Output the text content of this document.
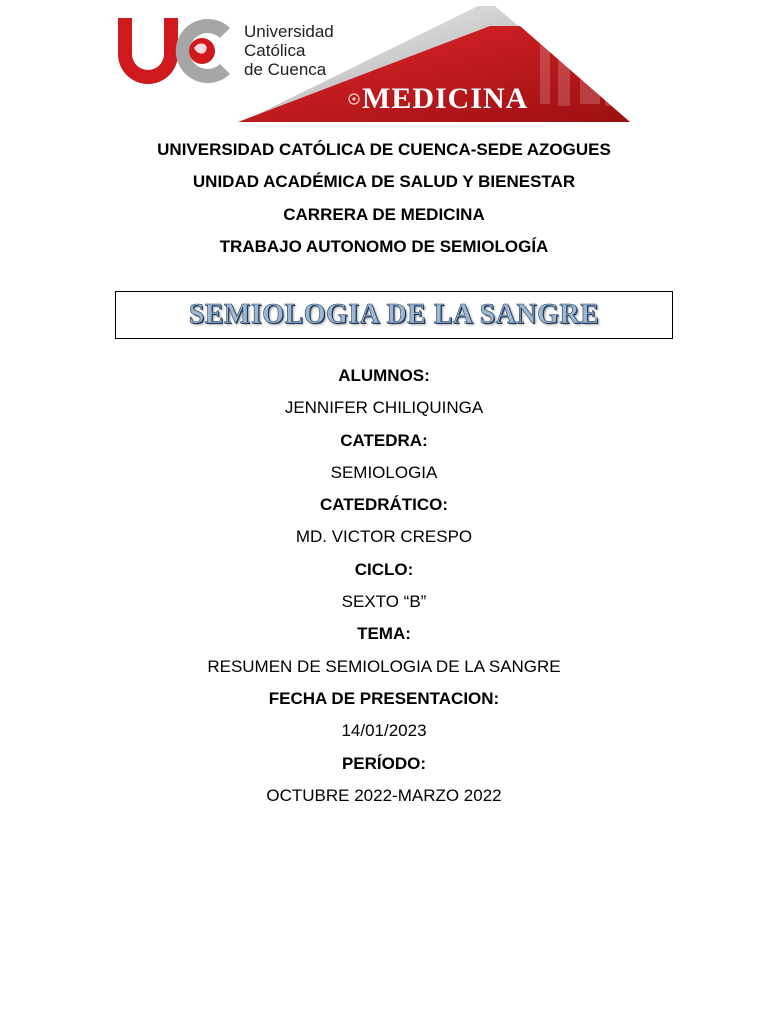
MEDICINA
Universidad
Católica
de Cuenca
UNIVERSIDAD CATÓLICA DE CUENCA-SEDE AZOGUES
UNIDAD ACADÉMICA DE SALUD Y BIENESTAR
CARRERA DE MEDICINA
TRABAJO AUTONOMO DE SEMIOLOGÍA
SEMIOLOGIA DE LA SANGRE
ALUMNOS:
JENNIFER CHILIQUINGA
CATEDRA:
SEMIOLOGIA
CATEDRÁTICO:
MD. VICTOR CRESPO
CICLO:
SEXTO “B”
TEMA:
RESUMEN DE SEMIOLOGIA DE LA SANGRE
FECHA DE PRESENTACION:
14/01/2023
PERÍODO:
OCTUBRE 2022-MARZO 2022
